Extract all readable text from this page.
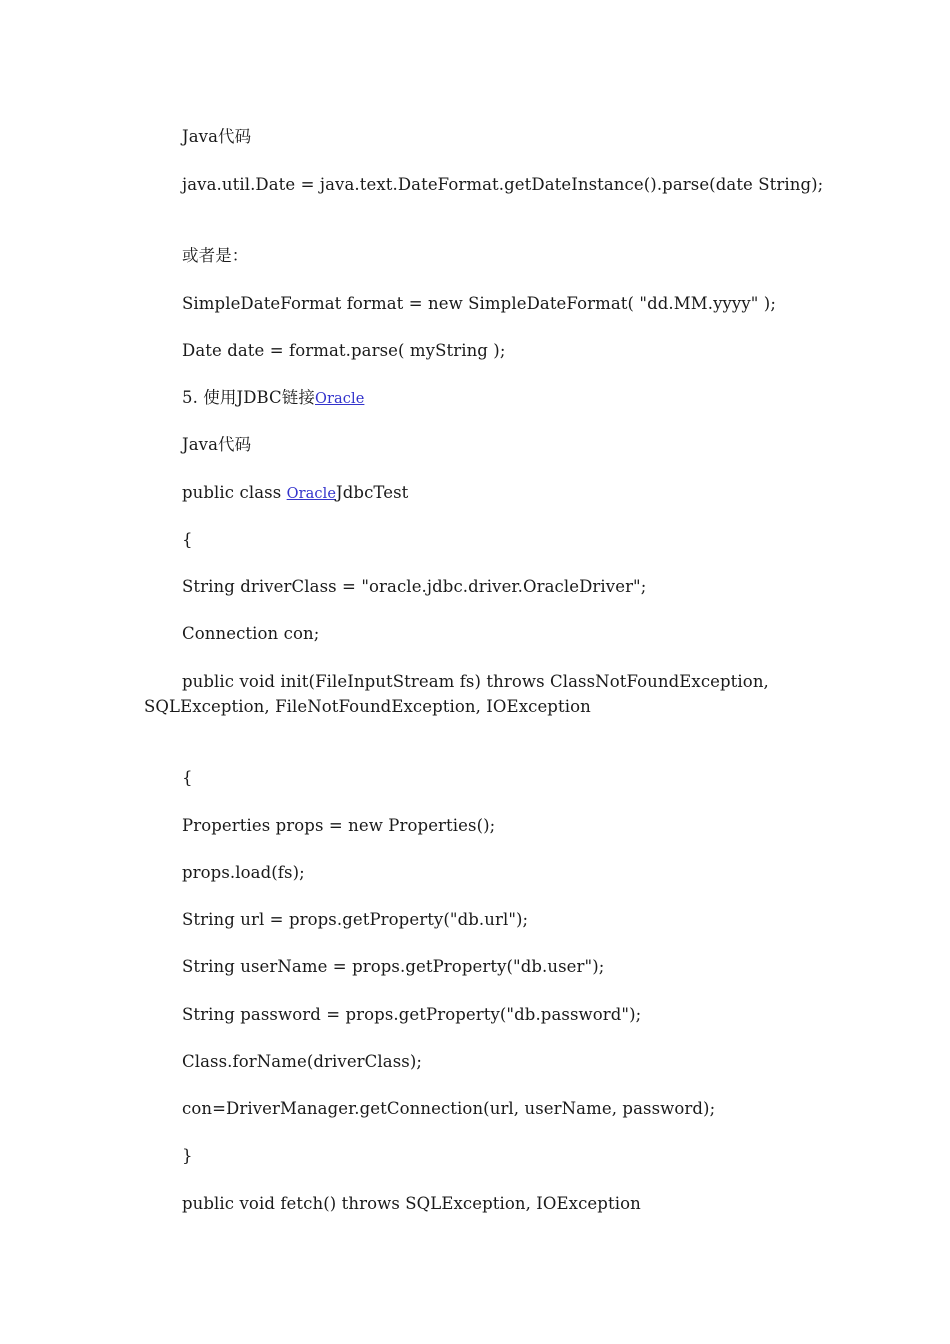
Java代码

java.util.Date = java.text.DateFormat.getDateInstance().parse(date String);

或者是：

SimpleDateFormat format = new SimpleDateFormat( "dd.MM.yyyy" );

Date date = format.parse( myString );

5. 使用JDBC链接Oracle

Java代码

public class OracleJdbcTest

{

String driverClass = "oracle.jdbc.driver.OracleDriver";

Connection con;

public void init(FileInputStream fs) throws ClassNotFoundException, SQLException, FileNotFoundException, IOException

{

Properties props = new Properties();

props.load(fs);

String url = props.getProperty("db.url");

String userName = props.getProperty("db.user");

String password = props.getProperty("db.password");

Class.forName(driverClass);

con=DriverManager.getConnection(url, userName, password);

}

public void fetch() throws SQLException, IOException
